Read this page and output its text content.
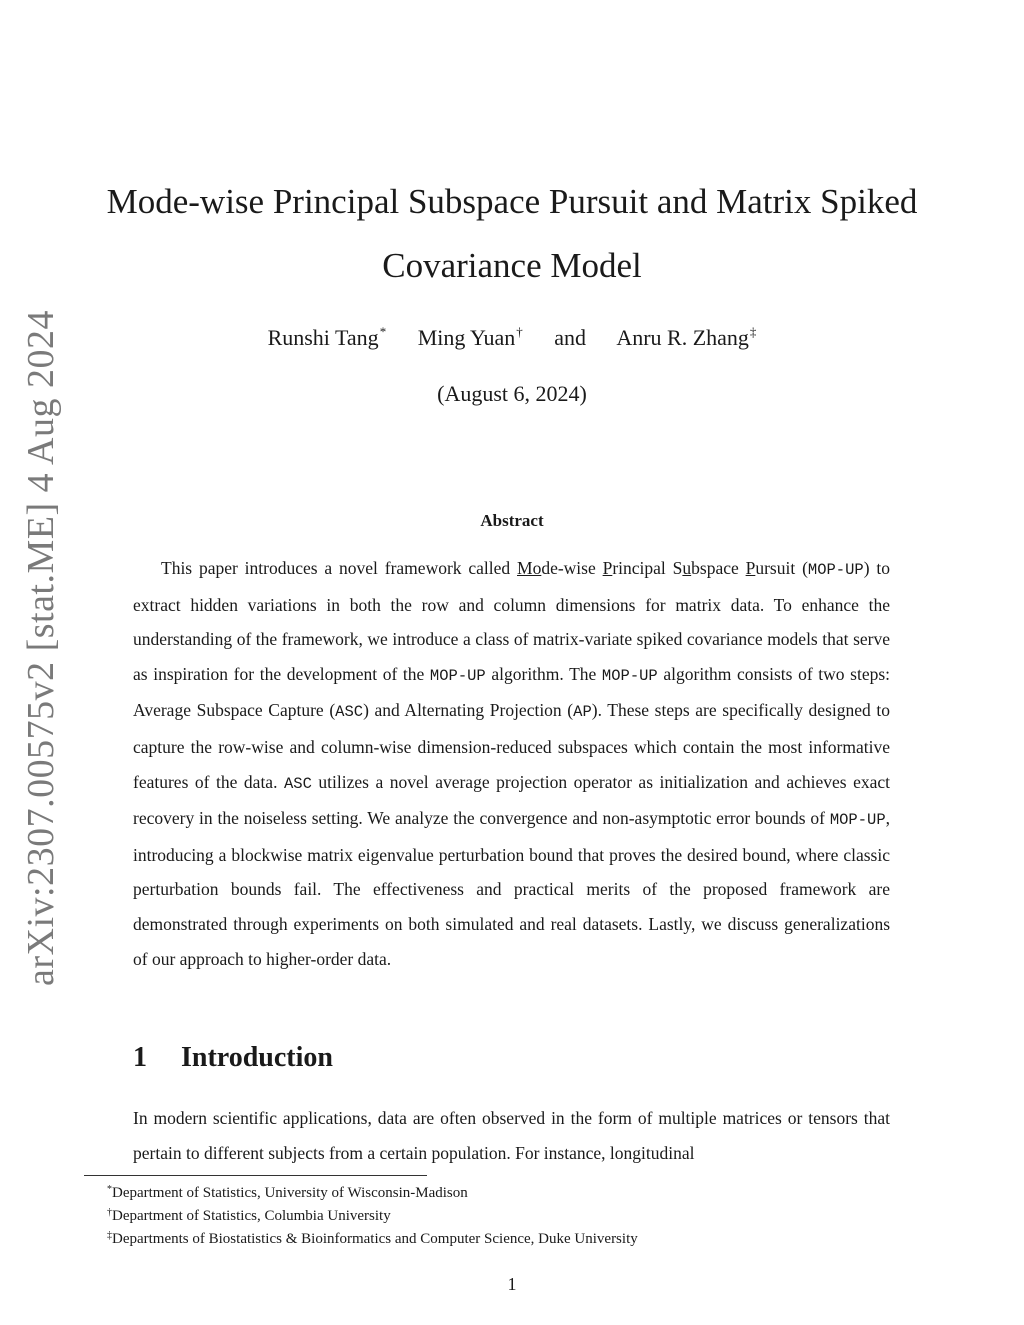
arXiv:2307.00575v2 [stat.ME] 4 Aug 2024
Mode-wise Principal Subspace Pursuit and Matrix Spiked Covariance Model
Runshi Tang* Ming Yuan† and Anru R. Zhang‡
(August 6, 2024)
Abstract

This paper introduces a novel framework called Mode-wise Principal Subspace Pursuit (MOP-UP) to extract hidden variations in both the row and column dimensions for matrix data. To enhance the understanding of the framework, we introduce a class of matrix-variate spiked covariance models that serve as inspiration for the development of the MOP-UP algorithm. The MOP-UP algorithm consists of two steps: Average Subspace Capture (ASC) and Alternating Projection (AP). These steps are specifically designed to capture the row-wise and column-wise dimension-reduced subspaces which contain the most informative features of the data. ASC utilizes a novel average projection operator as initialization and achieves exact recovery in the noiseless setting. We analyze the convergence and non-asymptotic error bounds of MOP-UP, introducing a blockwise matrix eigenvalue perturbation bound that proves the desired bound, where classic perturbation bounds fail. The effectiveness and practical merits of the proposed framework are demonstrated through experiments on both simulated and real datasets. Lastly, we discuss generalizations of our approach to higher-order data.

1 Introduction

In modern scientific applications, data are often observed in the form of multiple matrices or tensors that pertain to different subjects from a certain population. For instance, longitudinal

*Department of Statistics, University of Wisconsin-Madison
†Department of Statistics, Columbia University
‡Departments of Biostatistics & Bioinformatics and Computer Science, Duke University
1
